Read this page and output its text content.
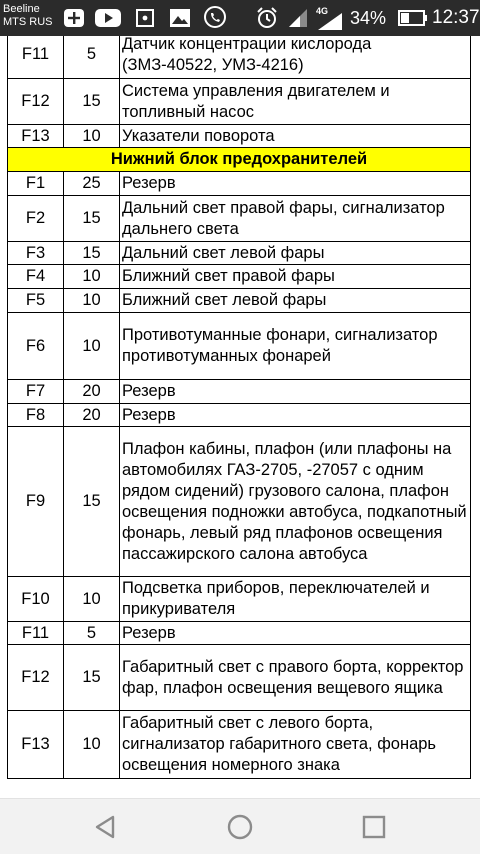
Beeline
MTS RUS
4G 34% 12:37
F11	5	Датчик концентрации кислорода (ЗМЗ-40522, УМЗ-4216)
F12	15	Система управления двигателем и топливный насос
F13	10	Указатели поворота
Нижний блок предохранителей		
F1	25	Резерв
F2	15	Дальний свет правой фары, сигнализатор дальнего света
F3	15	Дальний свет левой фары
F4	10	Ближний свет правой фары
F5	10	Ближний свет левой фары
F6	10	Противотуманные фонари, сигнализатор противотуманных фонарей
F7	20	Резерв
F8	20	Резерв
F9	15	Плафон кабины, плафон (или плафоны на автомобилях ГАЗ-2705, -27057 с одним рядом сидений) грузового салона, плафон освещения подножки автобуса, подкапотный фонарь, левый ряд плафонов освещения пассажирского салона автобуса
F10	10	Подсветка приборов, переключателей и прикуривателя
F11	5	Резерв
F12	15	Габаритный свет с правого борта, корректор фар, плафон освещения вещевого ящика
F13	10	Габаритный свет с левого борта, сигнализатор габаритного света, фонарь освещения номерного знака
